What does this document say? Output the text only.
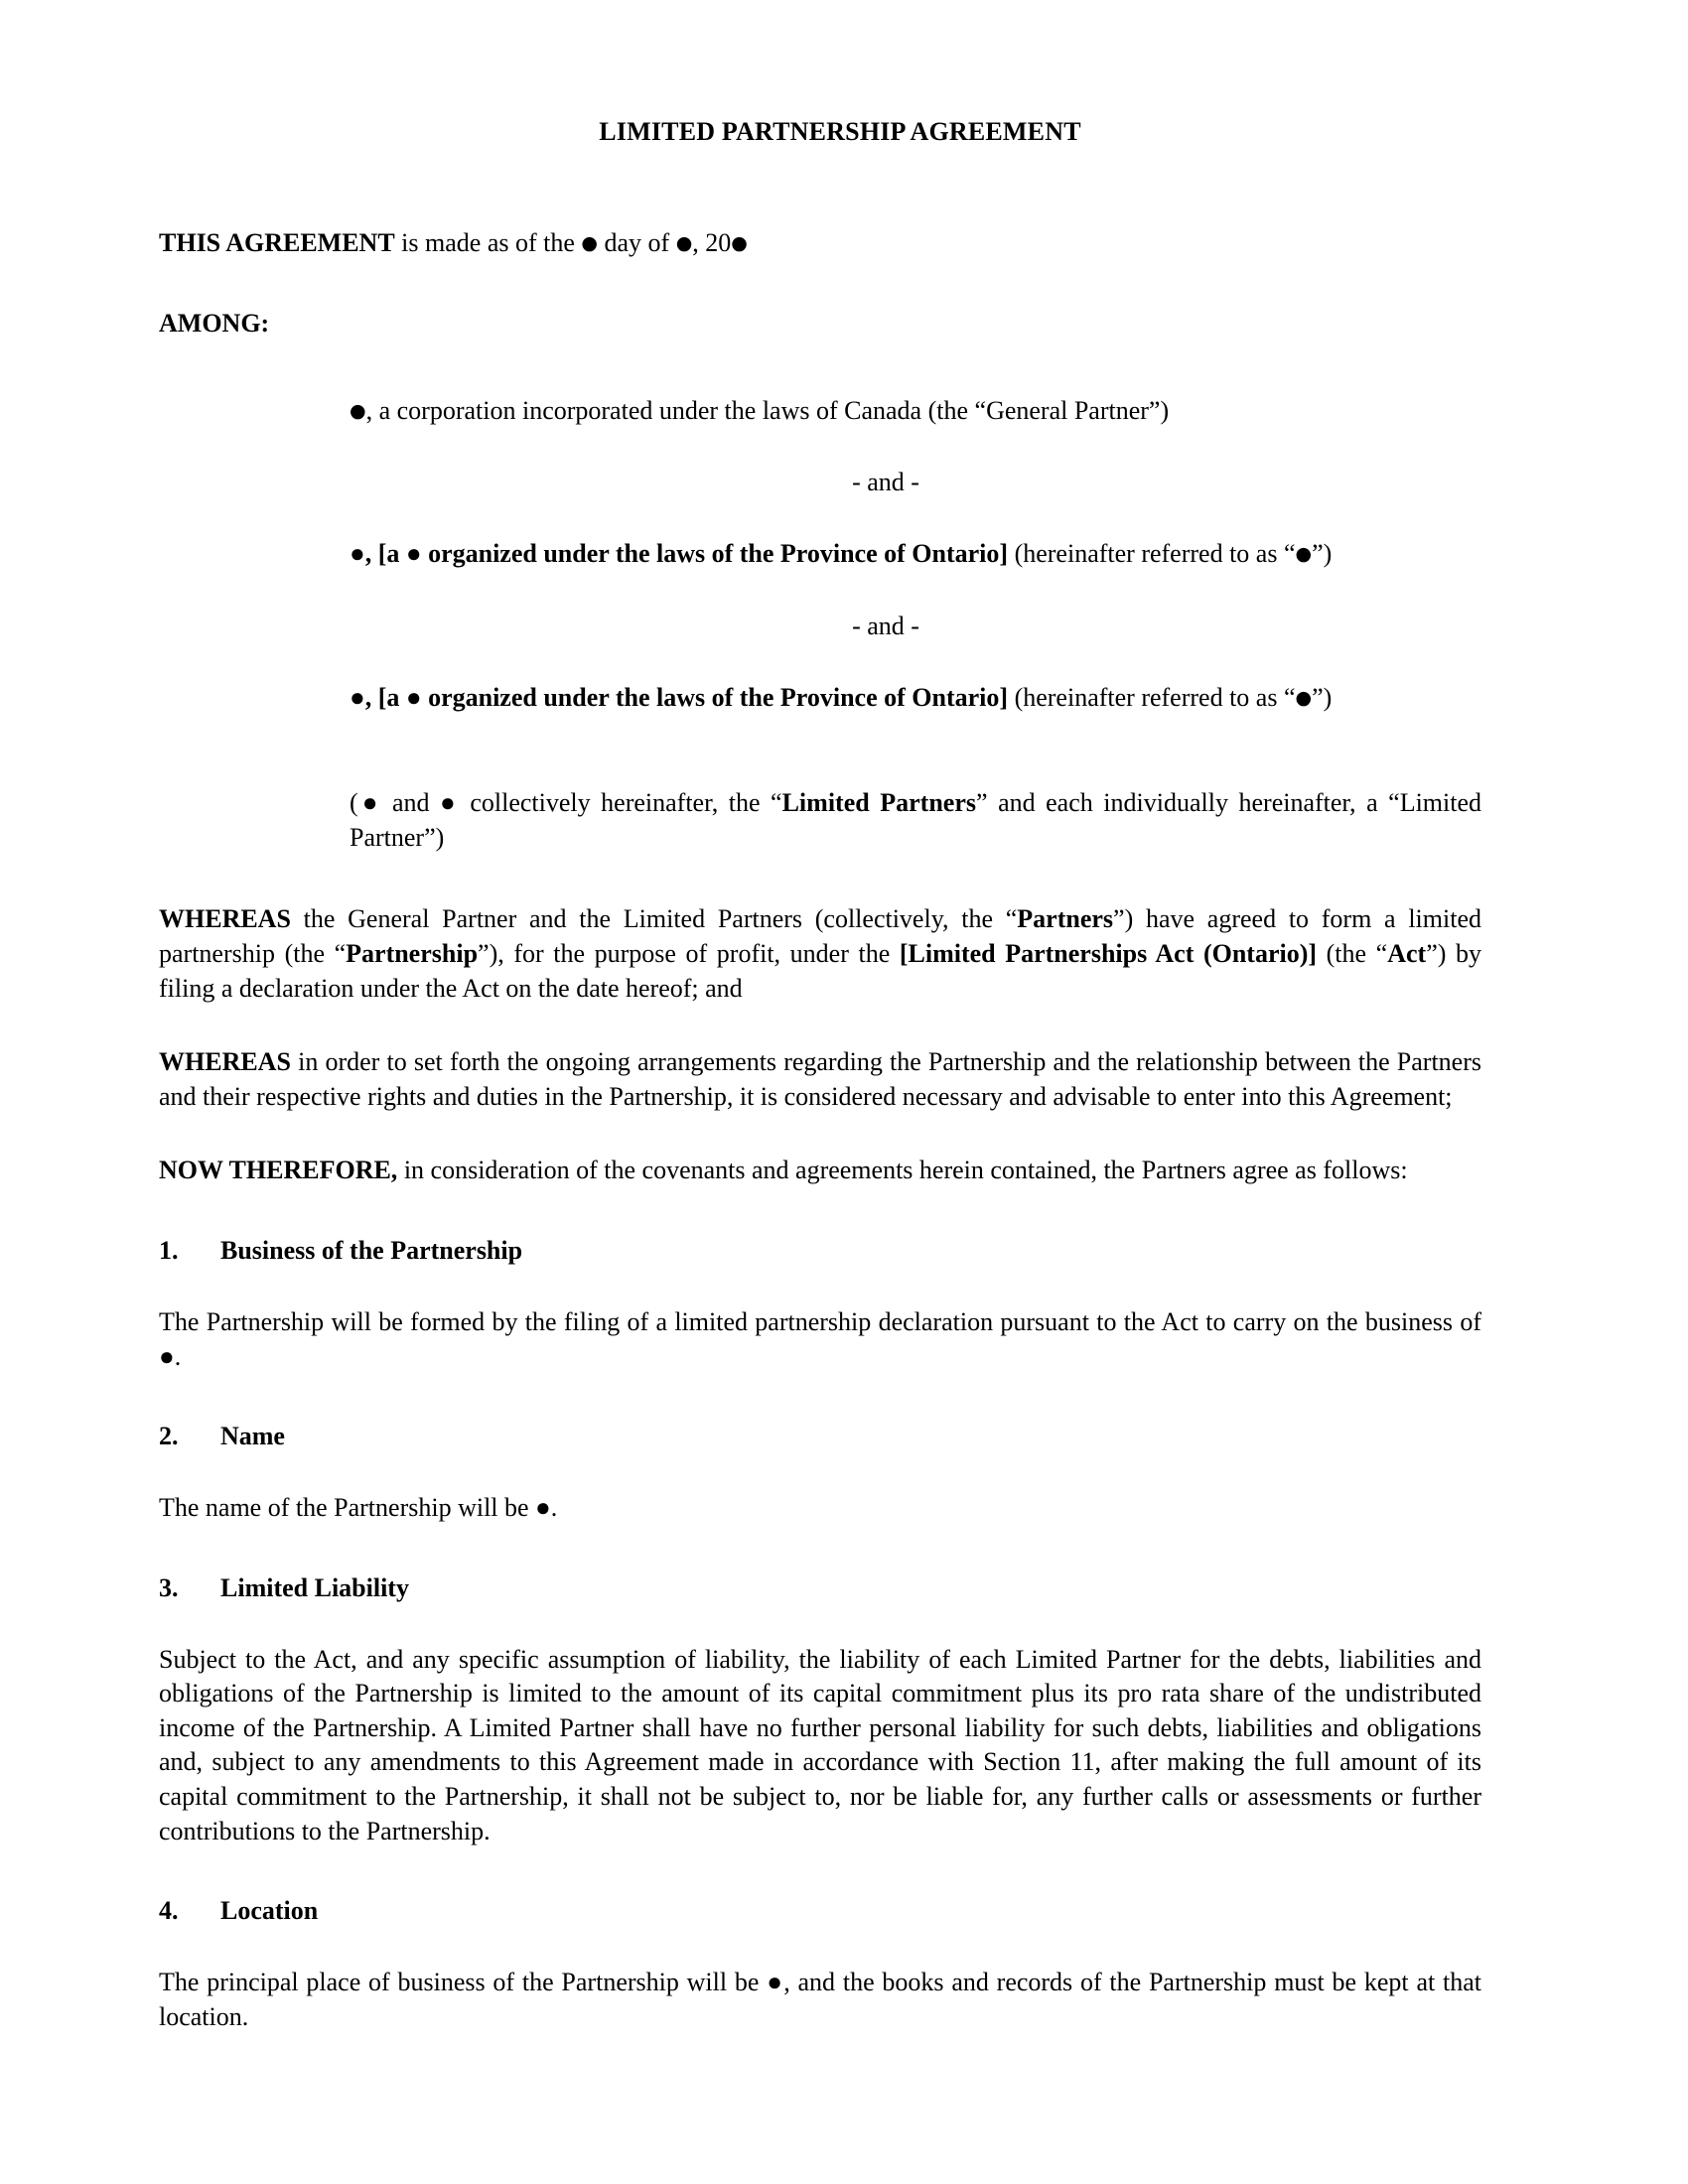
LIMITED PARTNERSHIP AGREEMENT

THIS AGREEMENT is made as of the ● day of ●, 20●

AMONG:

●, a corporation incorporated under the laws of Canada (the “General Partner”)
- and -
●, [a ● organized under the laws of the Province of Ontario] (hereinafter referred to as “●”)
- and -
●, [a ● organized under the laws of the Province of Ontario] (hereinafter referred to as “●”)
(● and ● collectively hereinafter, the “Limited Partners” and each individually hereinafter, a “Limited Partner”)

WHEREAS the General Partner and the Limited Partners (collectively, the “Partners”) have agreed to form a limited partnership (the “Partnership”), for the purpose of profit, under the [Limited Partnerships Act (Ontario)] (the “Act”) by filing a declaration under the Act on the date hereof; and

WHEREAS in order to set forth the ongoing arrangements regarding the Partnership and the relationship between the Partners and their respective rights and duties in the Partnership, it is considered necessary and advisable to enter into this Agreement;

NOW THEREFORE, in consideration of the covenants and agreements herein contained, the Partners agree as follows:

1. Business of the Partnership

The Partnership will be formed by the filing of a limited partnership declaration pursuant to the Act to carry on the business of ●.

2. Name

The name of the Partnership will be ●.

3. Limited Liability

Subject to the Act, and any specific assumption of liability, the liability of each Limited Partner for the debts, liabilities and obligations of the Partnership is limited to the amount of its capital commitment plus its pro rata share of the undistributed income of the Partnership. A Limited Partner shall have no further personal liability for such debts, liabilities and obligations and, subject to any amendments to this Agreement made in accordance with Section 11, after making the full amount of its capital commitment to the Partnership, it shall not be subject to, nor be liable for, any further calls or assessments or further contributions to the Partnership.

4. Location

The principal place of business of the Partnership will be ●, and the books and records of the Partnership must be kept at that location.
